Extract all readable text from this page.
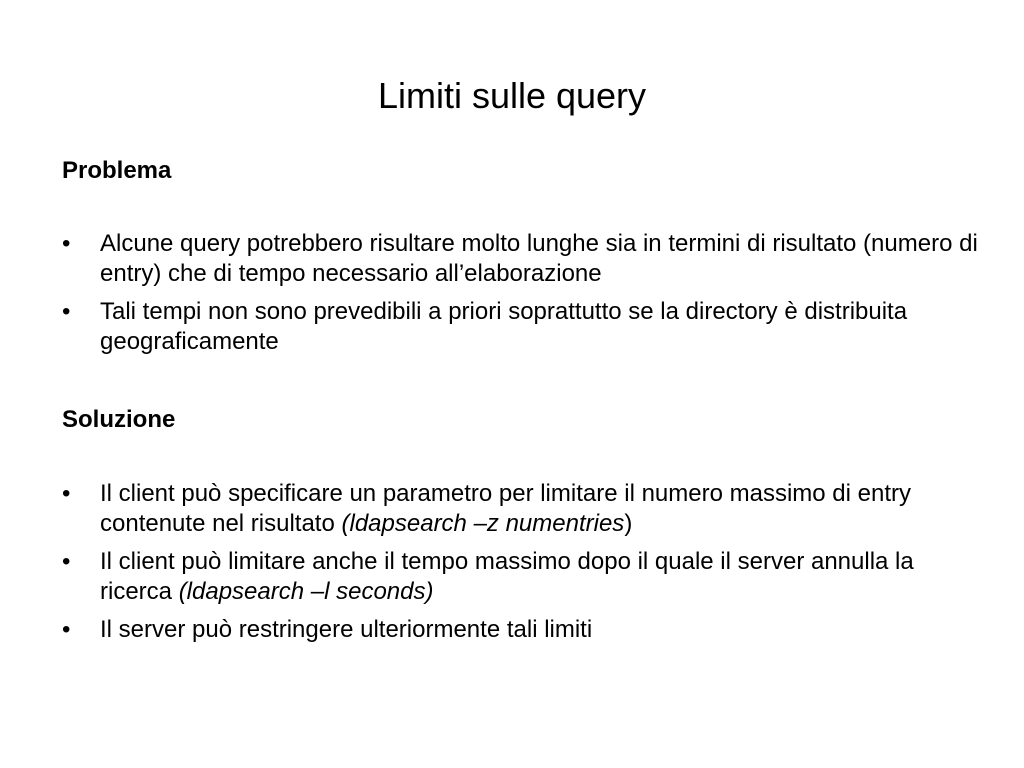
Limiti sulle query
Problema
•	Alcune query potrebbero risultare molto lunghe sia in termini di risultato (numero di entry) che di tempo necessario all’elaborazione
•	Tali tempi non sono prevedibili a priori soprattutto se la directory è distribuita geograficamente
Soluzione
•	Il client può specificare un parametro per limitare il numero massimo di entry contenute nel risultato (ldapsearch –z numentries)
•	Il client può limitare anche il tempo massimo dopo il quale il server annulla la ricerca (ldapsearch –l seconds)
•	Il server può restringere ulteriormente tali limiti
